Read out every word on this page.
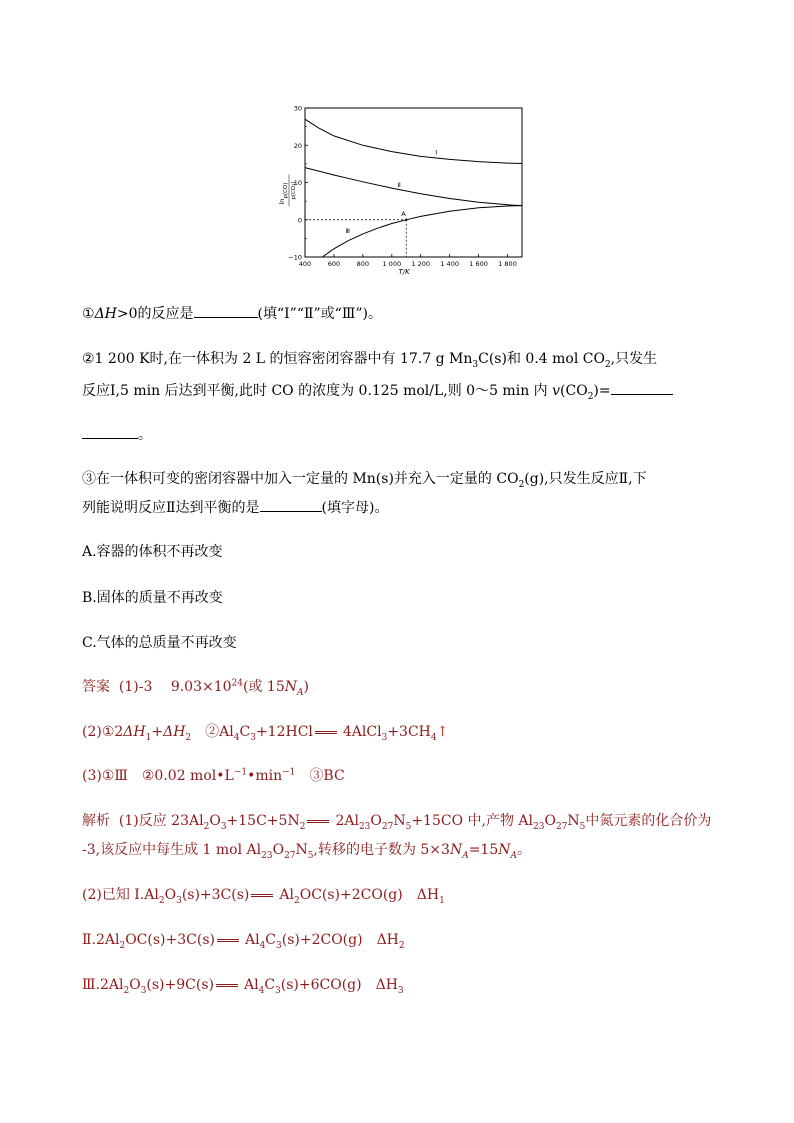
400	600	800 1 000 1 200 1 400 1 600 1 800
−10
0
10
20
30
T/K
ln
p(CO) p(CO₂)
Ⅰ
Ⅱ
Ⅲ
A
①ΔH>0的反应是	(填“Ⅰ”“Ⅱ”或“Ⅲ”)。
②1 200 K时,在一体积为 2 L 的恒容密闭容器中有 17.7 g $Mn_3C(s)$和 0.4 mol $CO_2$,只发生
反应Ⅰ,5 min 后达到平衡,此时 CO 的浓度为 0.125 mol/L,则 0～5 min 内 $v(CO_2)=$
。
③在一体积可变的密闭容器中加入一定量的 Mn(s)并充入一定量的 $CO_2(g)$,只发生反应Ⅱ,下
列能说明反应Ⅱ达到平衡的是	(填字母)。
A.容器的体积不再改变
B.固体的质量不再改变
C.气体的总质量不再改变
答案 (1)-3　 $9.03\times 10^{24}$(或 $15N_A$)
$(2)①2\Delta H_1+\Delta H_2$　$②Al_4C_3+12HCl$ $4AlCl_3+3CH_4↑$
(3)①Ⅲ　②0.02 $mol•L^{-1}•\min^{-1}$　③BC
解析 (1)反应 $23Al_2O_3+15C+5N_2$ $2Al_{23}O_{27}N_5+15CO$ 中,产物 $Al_{23}O_{27}N_5$中氮元素的化合价为
-3,该反应中每生成 1 mol $Al_{23}O_{27}N_5$,转移的电子数为 $5\times 3N_A=15N_A$。
(2)已知 $Ⅰ.Al_2O_3(s)+3C(s)$ $Al_2OC(s)+2CO(g)$　$\Delta H_1$
$Ⅱ.2Al_2OC(s)+3C(s)$ $Al_4C_3(s)+2CO(g)$　$\Delta H_2$
$Ⅲ.2Al_2O_3(s)+9C(s)$ $Al_4C_3(s)+6CO(g)$　$\Delta H_3$
